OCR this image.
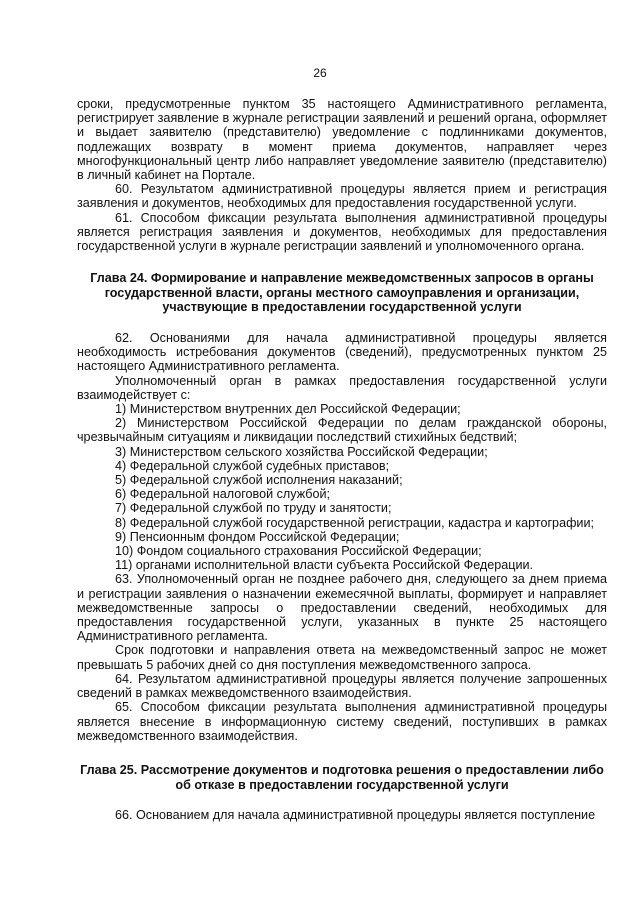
26

сроки, предусмотренные пунктом 35 настоящего Административного регламента, регистрирует заявление в журнале регистрации заявлений и решений органа, оформляет и выдает заявителю (представителю) уведомление с подлинниками документов, подлежащих возврату в момент приема документов, направляет через многофункциональный центр либо направляет уведомление заявителю (представителю) в личный кабинет на Портале.

60. Результатом административной процедуры является прием и регистрация заявления и документов, необходимых для предоставления государственной услуги.

61. Способом фиксации результата выполнения административной процедуры является регистрация заявления и документов, необходимых для предоставления государственной услуги в журнале регистрации заявлений и уполномоченного органа.

Глава 24. Формирование и направление межведомственных запросов в органы государственной власти, органы местного самоуправления и организации, участвующие в предоставлении государственной услуги

62. Основаниями для начала административной процедуры является необходимость истребования документов (сведений), предусмотренных пунктом 25 настоящего Административного регламента.

Уполномоченный орган в рамках предоставления государственной услуги взаимодействует с:

1) Министерством внутренних дел Российской Федерации;

2) Министерством Российской Федерации по делам гражданской обороны, чрезвычайным ситуациям и ликвидации последствий стихийных бедствий;

3) Министерством сельского хозяйства Российской Федерации;

4) Федеральной службой судебных приставов;

5) Федеральной службой исполнения наказаний;

6) Федеральной налоговой службой;

7) Федеральной службой по труду и занятости;

8) Федеральной службой государственной регистрации, кадастра и картографии;

9) Пенсионным фондом Российской Федерации;

10) Фондом социального страхования Российской Федерации;

11) органами исполнительной власти субъекта Российской Федерации.

63. Уполномоченный орган не позднее рабочего дня, следующего за днем приема и регистрации заявления о назначении ежемесячной выплаты, формирует и направляет межведомственные запросы о предоставлении сведений, необходимых для предоставления государственной услуги, указанных в пункте 25 настоящего Административного регламента.

Срок подготовки и направления ответа на межведомственный запрос не может превышать 5 рабочих дней со дня поступления межведомственного запроса.

64. Результатом административной процедуры является получение запрошенных сведений в рамках межведомственного взаимодействия.

65. Способом фиксации результата выполнения административной процедуры является внесение в информационную систему сведений, поступивших в рамках межведомственного взаимодействия.

Глава 25. Рассмотрение документов и подготовка решения о предоставлении либо об отказе в предоставлении государственной услуги

66. Основанием для начала административной процедуры является поступление
